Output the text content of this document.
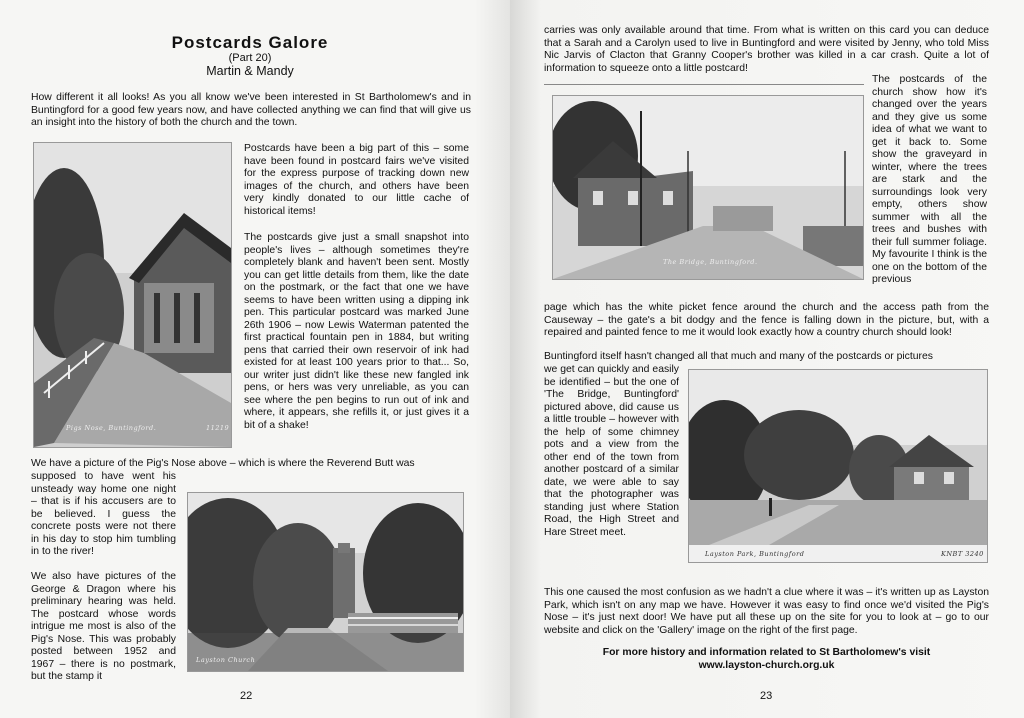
Postcards Galore
(Part 20)
Martin & Mandy

How different it all looks! As you all know we've been interested in St Bartholomew's and in Buntingford for a good few years now, and have collected anything we can find that will give us an insight into the history of both the church and the town.

Pigs Nose, Buntingford.	11219

Postcards have been a big part of this – some have been found in postcard fairs we've visited for the express purpose of tracking down new images of the church, and others have been very kindly donated to our little cache of historical items!

The postcards give just a small snapshot into people's lives – although sometimes they're completely blank and haven't been sent. Mostly you can get little details from them, like the date on the postmark, or the fact that one we have seems to have been written using a dipping ink pen. This particular postcard was marked June 26th 1906 – now Lewis Waterman patented the first practical fountain pen in 1884, but writing pens that carried their own reservoir of ink had existed for at least 100 years prior to that... So, our writer just didn't like these new fangled ink pens, or hers was very unreliable, as you can see where the pen begins to run out of ink and where, it appears, she refills it, or just gives it a bit of a shake!

We have a picture of the Pig's Nose above – which is where the Reverend Butt was

supposed to have went his unsteady way home one night – that is if his accusers are to be believed. I guess the concrete posts were not there in his day to stop him tumbling in to the river!

Layston Church

We also have pictures of the George & Dragon where his preliminary hearing was held. The postcard whose words intrigue me most is also of the Pig's Nose. This was probably posted between 1952 and 1967 – there is no postmark, but the stamp it

22

carries was only available around that time. From what is written on this card you can deduce that a Sarah and a Carolyn used to live in Buntingford and were visited by Jenny, who told Miss Nic Jarvis of Clacton that Granny Cooper's brother was killed in a car crash. Quite a lot of information to squeeze onto a little postcard!

The Bridge, Buntingford.

The postcards of the church show how it's changed over the years and they give us some idea of what we want to get it back to. Some show the graveyard in winter, where the trees are stark and the surroundings look very empty, others show summer with all the trees and bushes with their full summer foliage. My favourite I think is the one on the bottom of the previous

page which has the white picket fence around the church and the access path from the Causeway – the gate's a bit dodgy and the fence is falling down in the picture, but, with a repaired and painted fence to me it would look exactly how a country church should look!

Buntingford itself hasn't changed all that much and many of the postcards or pictures

we get can quickly and easily be identified – but the one of 'The Bridge, Buntingford' pictured above, did cause us a little trouble – however with the help of some chimney pots and a view from the other end of the town from another postcard of a similar date, we were able to say that the photographer was standing just where Station Road, the High Street and Hare Street meet.

Layston Park, Buntingford	KNBT 3240

This one caused the most confusion as we hadn't a clue where it was – it's written up as Layston Park, which isn't on any map we have. However it was easy to find once we'd visited the Pig's Nose – it's just next door! We have put all these up on the site for you to look at – go to our website and click on the 'Gallery' image on the right of the first page.

For more history and information related to St Bartholomew's visit
www.layston-church.org.uk
23
